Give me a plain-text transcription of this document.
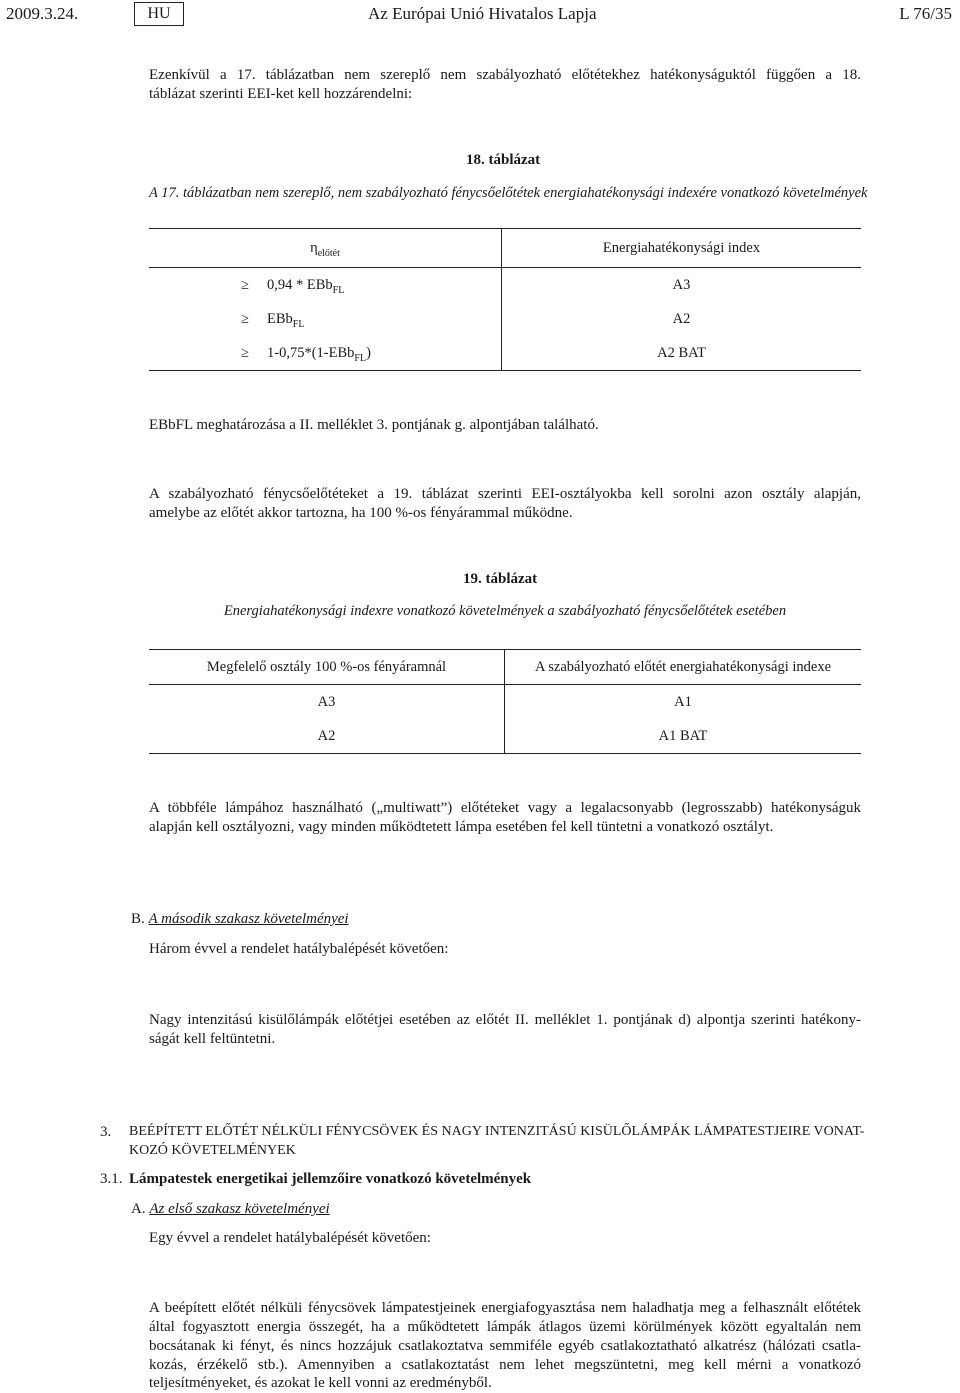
2009.3.24.	HU	Az Európai Unió Hivatalos Lapja	L 76/35
Ezenkívül a 17. táblázatban nem szereplő nem szabályozható előtétekhez hatékonyságuktól függően a 18.
táblázat szerinti EEI-ket kell hozzárendelni:
18. táblázat
A 17. táblázatban nem szereplő, nem szabályozható fénycsőelőtétek energiahatékonysági indexére vonatkozó követelmények
$\eta_{előtét}$	Energiahatékonysági index
≥ 0,94 * EBb$_{FL}$	A3
≥ EBb$_{FL}$	A2
≥ 1-0,75*(1-EBb$_{FL}$)	A2 BAT
EBbFL meghatározása a II. melléklet 3. pontjának g. alpontjában található.
A szabályozható fénycsőelőtéteket a 19. táblázat szerinti EEI-osztályokba kell sorolni azon osztály alapján,
amelybe az előtét akkor tartozna, ha 100 %-os fényárammal működne.
19. táblázat
Energiahatékonysági indexre vonatkozó követelmények a szabályozható fénycsőelőtétek esetében
Megfelelő osztály 100 %-os fényáramnál	A szabályozható előtét energiahatékonysági indexe
A3	A1
A2	A1 BAT
A többféle lámpához használható („multiwatt”) előtéteket vagy a legalacsonyabb (legrosszabb) hatékonyságuk
alapján kell osztályozni, vagy minden működtetett lámpa esetében fel kell tüntetni a vonatkozó osztályt.
B. A második szakasz követelményei
Három évvel a rendelet hatálybalépését követően:
Nagy intenzitású kisülőlámpák előtétjei esetében az előtét II. melléklet 1. pontjának d) alpontja szerinti hatékony-
ságát kell feltüntetni.
3. BEÉPÍTETT ELŐTÉT NÉLKÜLI FÉNYCSÖVEK ÉS NAGY INTENZITÁSÚ KISÜLŐLÁMPÁK LÁMPATESTJEIRE VONAT-
KOZÓ KÖVETELMÉNYEK
3.1. Lámpatestek energetikai jellemzőire vonatkozó követelmények
A. Az első szakasz követelményei
Egy évvel a rendelet hatálybalépését követően:
A beépített előtét nélküli fénycsövek lámpatestjeinek energiafogyasztása nem haladhatja meg a felhasznált előtétek
által fogyasztott energia összegét, ha a működtetett lámpák átlagos üzemi körülmények között egyaltalán nem
bocsátanak ki fényt, és nincs hozzájuk csatlakoztatva semmiféle egyéb csatlakoztatható alkatrész (hálózati csatla-
kozás, érzékelő stb.). Amennyiben a csatlakoztatást nem lehet megszüntetni, meg kell mérni a vonatkozó
teljesítményeket, és azokat le kell vonni az eredményből.
